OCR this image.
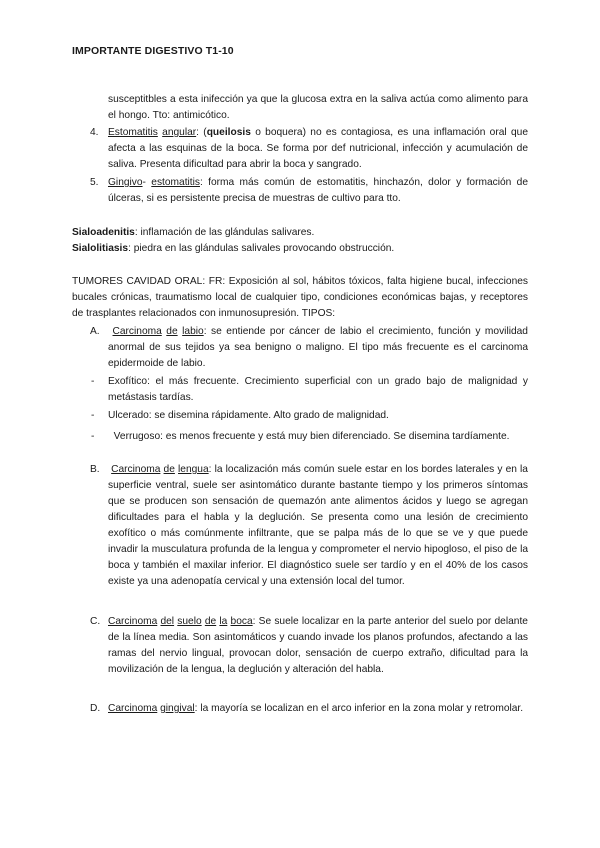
IMPORTANTE DIGESTIVO T1-10
susceptitbles a esta inifección ya que la glucosa extra en la saliva actúa como alimento para el hongo. Tto: antimicótico.
4. Estomatitis angular: (queilosis o boquera) no es contagiosa, es una inflamación oral que afecta a las esquinas de la boca. Se forma por def nutricional, infección y acumulación de saliva. Presenta dificultad para abrir la boca y sangrado.
5. Gingivo- estomatitis: forma más común de estomatitis, hinchazón, dolor y formación de úlceras, si es persistente precisa de muestras de cultivo para tto.
Sialoadenitis: inflamación de las glándulas salivares.
Sialolitiasis: piedra en las glándulas salivales provocando obstrucción.
TUMORES CAVIDAD ORAL: FR: Exposición al sol, hábitos tóxicos, falta higiene bucal, infecciones bucales crónicas, traumatismo local de cualquier tipo, condiciones económicas bajas, y receptores de trasplantes relacionados con inmunosupresión. TIPOS:
A.	Carcinoma de labio: se entiende por cáncer de labio el crecimiento, función y movilidad anormal de sus tejidos ya sea benigno o maligno. El tipo más frecuente es el carcinoma epidermoide de labio.
- Exofítico: el más frecuente. Crecimiento superficial con un grado bajo de malignidad y metástasis tardías.
- Ulcerado: se disemina rápidamente. Alto grado de malignidad.
-	Verrugoso: es menos frecuente y está muy bien diferenciado. Se disemina tardíamente.
B.	Carcinoma de lengua: la localización más común suele estar en los bordes laterales y en la superficie ventral, suele ser asintomático durante bastante tiempo y los primeros síntomas que se producen son sensación de quemazón ante alimentos ácidos y luego se agregan dificultades para el habla y la deglución. Se presenta como una lesión de crecimiento exofítico o más comúnmente infiltrante, que se palpa más de lo que se ve y que puede invadir la musculatura profunda de la lengua y comprometer el nervio hipogloso, el piso de la boca y también el maxilar inferior. El diagnóstico suele ser tardío y en el 40% de los casos existe ya una adenopatía cervical y una extensión local del tumor.
C. Carcinoma del suelo de la boca: Se suele localizar en la parte anterior del suelo por delante de la línea media. Son asintomáticos y cuando invade los planos profundos, afectando a las ramas del nervio lingual, provocan dolor, sensación de cuerpo extraño, dificultad para la movilización de la lengua, la deglución y alteración del habla.
D. Carcinoma gingival: la mayoría se localizan en el arco inferior en la zona molar y retromolar.
